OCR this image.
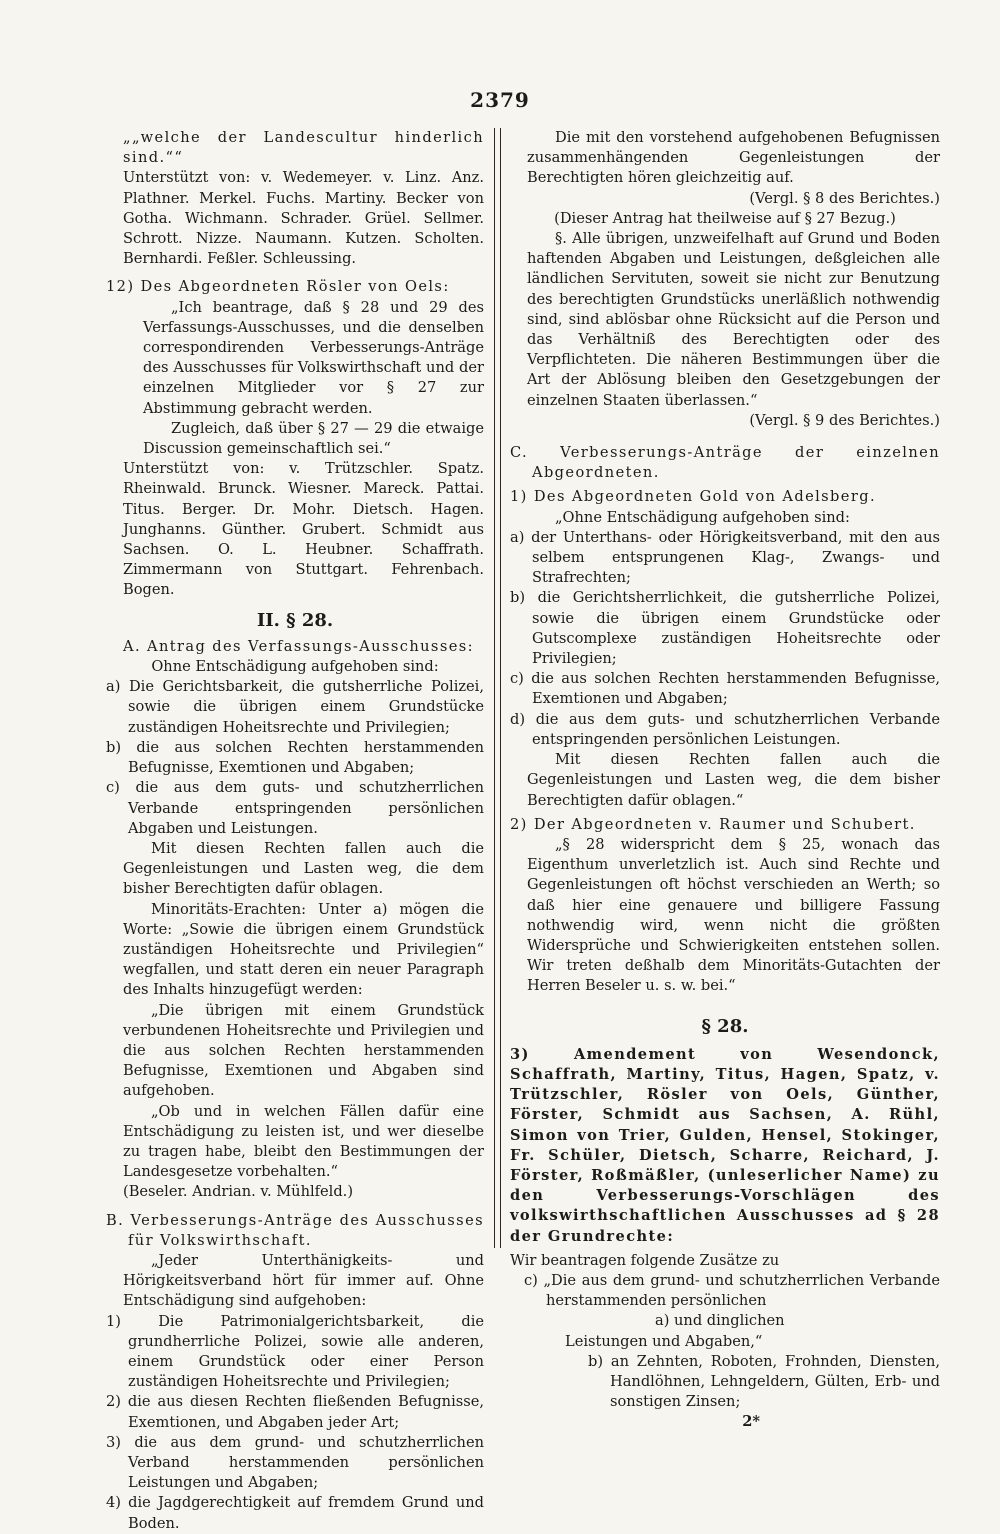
2379

„„welche der Landescultur hinderlich sind.““

Unterstützt von: v. Wedemeyer. v. Linz. Anz. Plathner. Merkel. Fuchs. Martiny. Becker von Gotha. Wichmann. Schrader. Grüel. Sellmer. Schrott. Nizze. Naumann. Kutzen. Scholten. Bernhardi. Feßler. Schleussing.

12) Des Abgeordneten Rösler von Oels:

„Ich beantrage, daß § 28 und 29 des Verfassungs-Ausschusses, und die denselben correspondirenden Verbesserungs-Anträge des Ausschusses für Volkswirthschaft und der einzelnen Mitglieder vor § 27 zur Abstimmung gebracht werden.

Zugleich, daß über § 27 — 29 die etwaige Discussion gemeinschaftlich sei.“

Unterstützt von: v. Trützschler. Spatz. Rheinwald. Brunck. Wiesner. Mareck. Pattai. Titus. Berger. Dr. Mohr. Dietsch. Hagen. Junghanns. Günther. Grubert. Schmidt aus Sachsen. O. L. Heubner. Schaffrath. Zimmermann von Stuttgart. Fehrenbach. Bogen.

II. § 28.

A. Antrag des Verfassungs-Ausschusses:

Ohne Entschädigung aufgehoben sind:

a) Die Gerichtsbarkeit, die gutsherrliche Polizei, sowie die übrigen einem Grundstücke zuständigen Hoheitsrechte und Privilegien;

b) die aus solchen Rechten herstammenden Befugnisse, Exemtionen und Abgaben;

c) die aus dem guts- und schutzherrlichen Verbande entspringenden persönlichen Abgaben und Leistungen.

Mit diesen Rechten fallen auch die Gegenleistungen und Lasten weg, die dem bisher Berechtigten dafür oblagen.

Minoritäts-Erachten: Unter a) mögen die Worte: „Sowie die übrigen einem Grundstück zuständigen Hoheitsrechte und Privilegien“ wegfallen, und statt deren ein neuer Paragraph des Inhalts hinzugefügt werden:

„Die übrigen mit einem Grundstück verbundenen Hoheitsrechte und Privilegien und die aus solchen Rechten herstammenden Befugnisse, Exemtionen und Abgaben sind aufgehoben.

„Ob und in welchen Fällen dafür eine Entschädigung zu leisten ist, und wer dieselbe zu tragen habe, bleibt den Bestimmungen der Landesgesetze vorbehalten.“

(Beseler. Andrian. v. Mühlfeld.)

B. Verbesserungs-Anträge des Ausschusses für Volkswirthschaft.

„Jeder Unterthänigkeits- und Hörigkeitsverband hört für immer auf. Ohne Entschädigung sind aufgehoben:

1) Die Patrimonialgerichtsbarkeit, die grundherrliche Polizei, sowie alle anderen, einem Grundstück oder einer Person zuständigen Hoheitsrechte und Privilegien;

2) die aus diesen Rechten fließenden Befugnisse, Exemtionen, und Abgaben jeder Art;

3) die aus dem grund- und schutzherrlichen Verband herstammenden persönlichen Leistungen und Abgaben;

4) die Jagdgerechtigkeit auf fremdem Grund und Boden.

Die mit den vorstehend aufgehobenen Befugnissen zusammenhängenden Gegenleistungen der Berechtigten hören gleichzeitig auf.

(Vergl. § 8 des Berichtes.)

(Dieser Antrag hat theilweise auf § 27 Bezug.)

§. Alle übrigen, unzweifelhaft auf Grund und Boden haftenden Abgaben und Leistungen, deßgleichen alle ländlichen Servituten, soweit sie nicht zur Benutzung des berechtigten Grundstücks unerläßlich nothwendig sind, sind ablösbar ohne Rücksicht auf die Person und das Verhältniß des Berechtigten oder des Verpflichteten. Die näheren Bestimmungen über die Art der Ablösung bleiben den Gesetzgebungen der einzelnen Staaten überlassen.“

(Vergl. § 9 des Berichtes.)

C. Verbesserungs-Anträge der einzelnen Abgeordneten.

1) Des Abgeordneten Gold von Adelsberg.

„Ohne Entschädigung aufgehoben sind:

a) der Unterthans- oder Hörigkeitsverband, mit den aus selbem entsprungenen Klag-, Zwangs- und Strafrechten;

b) die Gerichtsherrlichkeit, die gutsherrliche Polizei, sowie die übrigen einem Grundstücke oder Gutscomplexe zuständigen Hoheitsrechte oder Privilegien;

c) die aus solchen Rechten herstammenden Befugnisse, Exemtionen und Abgaben;

d) die aus dem guts- und schutzherrlichen Verbande entspringenden persönlichen Leistungen.

Mit diesen Rechten fallen auch die Gegenleistungen und Lasten weg, die dem bisher Berechtigten dafür oblagen.“

2) Der Abgeordneten v. Raumer und Schubert.

„§ 28 widerspricht dem § 25, wonach das Eigenthum unverletzlich ist. Auch sind Rechte und Gegenleistungen oft höchst verschieden an Werth; so daß hier eine genauere und billigere Fassung nothwendig wird, wenn nicht die größten Widersprüche und Schwierigkeiten entstehen sollen. Wir treten deßhalb dem Minoritäts-Gutachten der Herren Beseler u. s. w. bei.“

§ 28.

3) Amendement von Wesendonck, Schaffrath, Martiny, Titus, Hagen, Spatz, v. Trützschler, Rösler von Oels, Günther, Förster, Schmidt aus Sachsen, A. Rühl, Simon von Trier, Gulden, Hensel, Stokinger, Fr. Schüler, Dietsch, Scharre, Reichard, J. Förster, Roßmäßler, (unleserlicher Name) zu den Verbesserungs-Vorschlägen des volkswirthschaftlichen Ausschusses ad § 28 der Grundrechte:

Wir beantragen folgende Zusätze zu

c) „Die aus dem grund- und schutzherrlichen Verbande herstammenden persönlichen

a) und dinglichen

Leistungen und Abgaben,“

b) an Zehnten, Roboten, Frohnden, Diensten, Handlöhnen, Lehngeldern, Gülten, Erb- und sonstigen Zinsen;

2*
